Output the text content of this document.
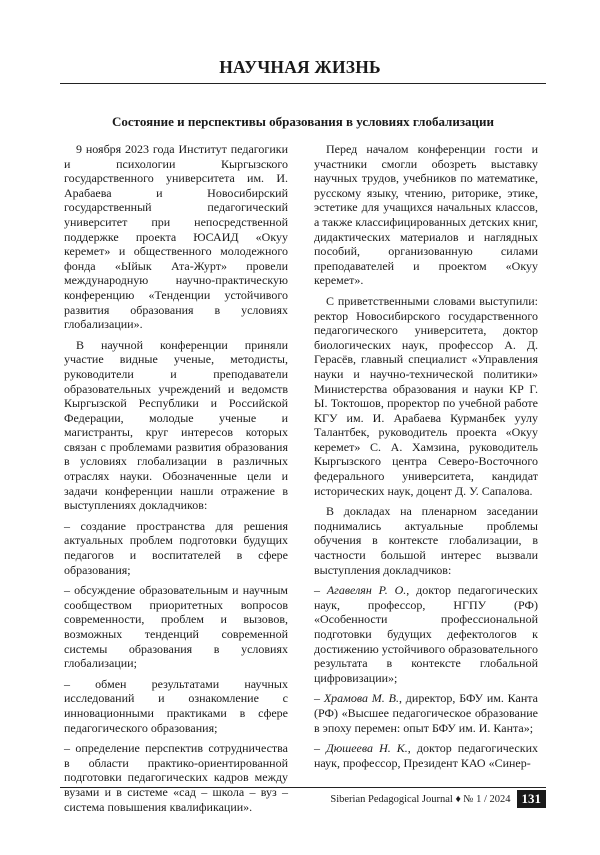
НАУЧНАЯ ЖИЗНЬ
Состояние и перспективы образования в условиях глобализации

9 ноября 2023 года Институт педагогики и психологии Кыргызского государственного университета им. И. Арабаева и Новосибирский государственный педагогический университет при непосредственной поддержке проекта ЮСАИД «Окуу керемет» и общественного молодежного фонда «Ыйык Ата-Журт» провели международную научно-практическую конференцию «Тенденции устойчивого развития образования в условиях глобализации».

В научной конференции приняли участие видные ученые, методисты, руководители и преподаватели образовательных учреждений и ведомств Кыргызской Республики и Российской Федерации, молодые ученые и магистранты, круг интересов которых связан с проблемами развития образования в условиях глобализации в различных отраслях науки. Обозначенные цели и задачи конференции нашли отражение в выступлениях докладчиков:

– создание пространства для решения актуальных проблем подготовки будущих педагогов и воспитателей в сфере образования;

– обсуждение образовательным и научным сообществом приоритетных вопросов современности, проблем и вызовов, возможных тенденций современной системы образования в условиях глобализации;

– обмен результатами научных исследований и ознакомление с инновационными практиками в сфере педагогического образования;

– определение перспектив сотрудничества в области практико-ориентированной подготовки педагогических кадров между вузами и в системе «сад – школа – вуз – система повышения квалификации».

Перед началом конференции гости и участники смогли обозреть выставку научных трудов, учебников по математике, русскому языку, чтению, риторике, этике, эстетике для учащихся начальных классов, а также классифицированных детских книг, дидактических материалов и наглядных пособий, организованную силами преподавателей и проектом «Окуу керемет».

С приветственными словами выступили: ректор Новосибирского государственного педагогического университета, доктор биологических наук, профессор А. Д. Герасёв, главный специалист «Управления науки и научно-технической политики» Министерства образования и науки КР Г. Ы. Токтошов, проректор по учебной работе КГУ им. И. Арабаева Курманбек уулу Талантбек, руководитель проекта «Окуу керемет» С. А. Хамзина, руководитель Кыргызского центра Северо-Восточного федерального университета, кандидат исторических наук, доцент Д. У. Сапалова.

В докладах на пленарном заседании поднимались актуальные проблемы обучения в контексте глобализации, в частности большой интерес вызвали выступления докладчиков:

– Агавелян Р. О., доктор педагогических наук, профессор, НГПУ (РФ) «Особенности профессиональной подготовки будущих дефектологов к достижению устойчивого образовательного результата в контексте глобальной цифровизации»;

– Храмова М. В., директор, БФУ им. Канта (РФ) «Высшее педагогическое образование в эпоху перемен: опыт БФУ им. И. Канта»;

– Дюшеева Н. К., доктор педагогических наук, профессор, Президент КАО «Синер-

Siberian Pedagogical Journal ♦ № 1 / 2024 131
